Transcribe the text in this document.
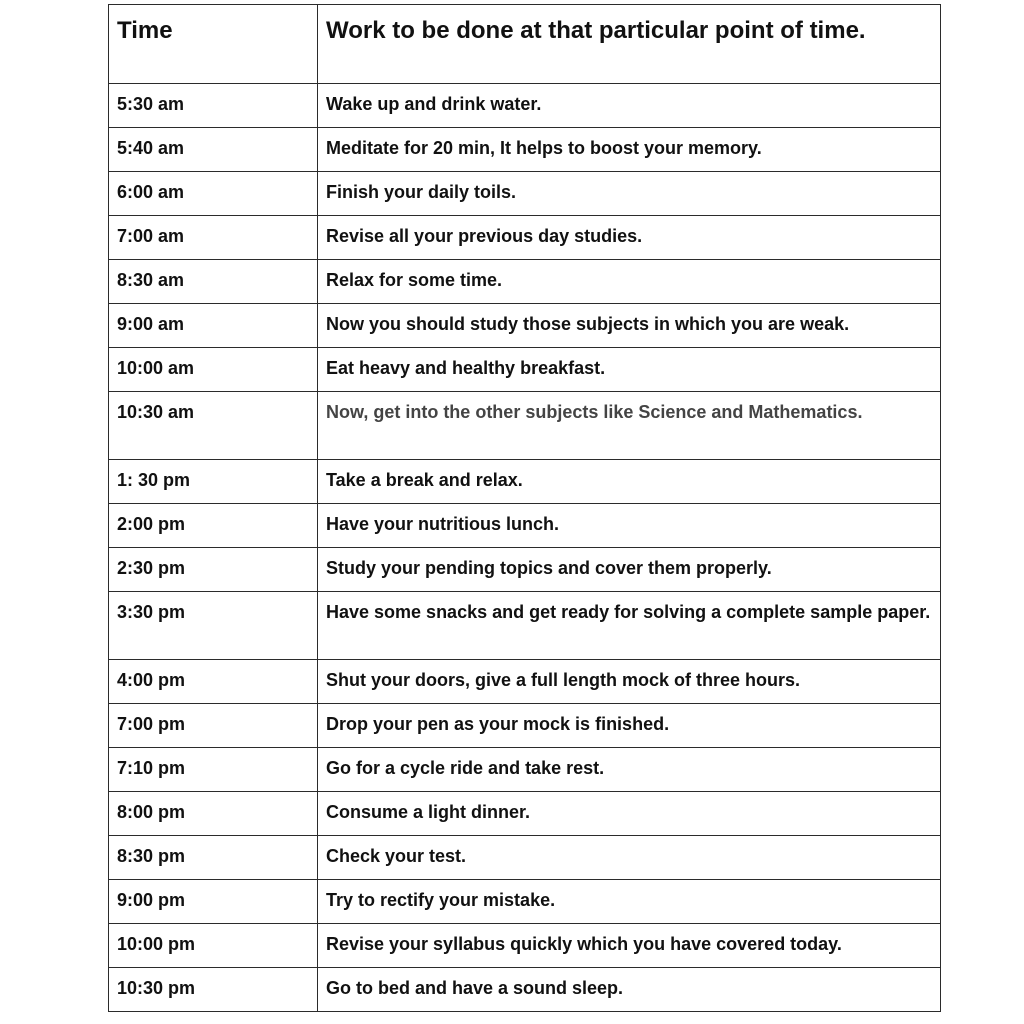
Time	Work to be done at that particular point of time.
5:30 am	Wake up and drink water.
5:40 am	Meditate for 20 min, It helps to boost your memory.
6:00 am	Finish your daily toils.
7:00 am	Revise all your previous day studies.
8:30 am	Relax for some time.
9:00 am	Now you should study those subjects in which you are weak.
10:00 am	Eat heavy and healthy breakfast.
10:30 am	Now, get into the other subjects like Science and Mathematics.
1: 30 pm	Take a break and relax.
2:00 pm	Have your nutritious lunch.
2:30 pm	Study your pending topics and cover them properly.
3:30 pm	Have some snacks and get ready for solving a complete sample paper.
4:00 pm	Shut your doors, give a full length mock of three hours.
7:00 pm	Drop your pen as your mock is finished.
7:10 pm	Go for a cycle ride and take rest.
8:00 pm	Consume a light dinner.
8:30 pm	Check your test.
9:00 pm	Try to rectify your mistake.
10:00 pm	Revise your syllabus quickly which you have covered today.
10:30 pm	Go to bed and have a sound sleep.
